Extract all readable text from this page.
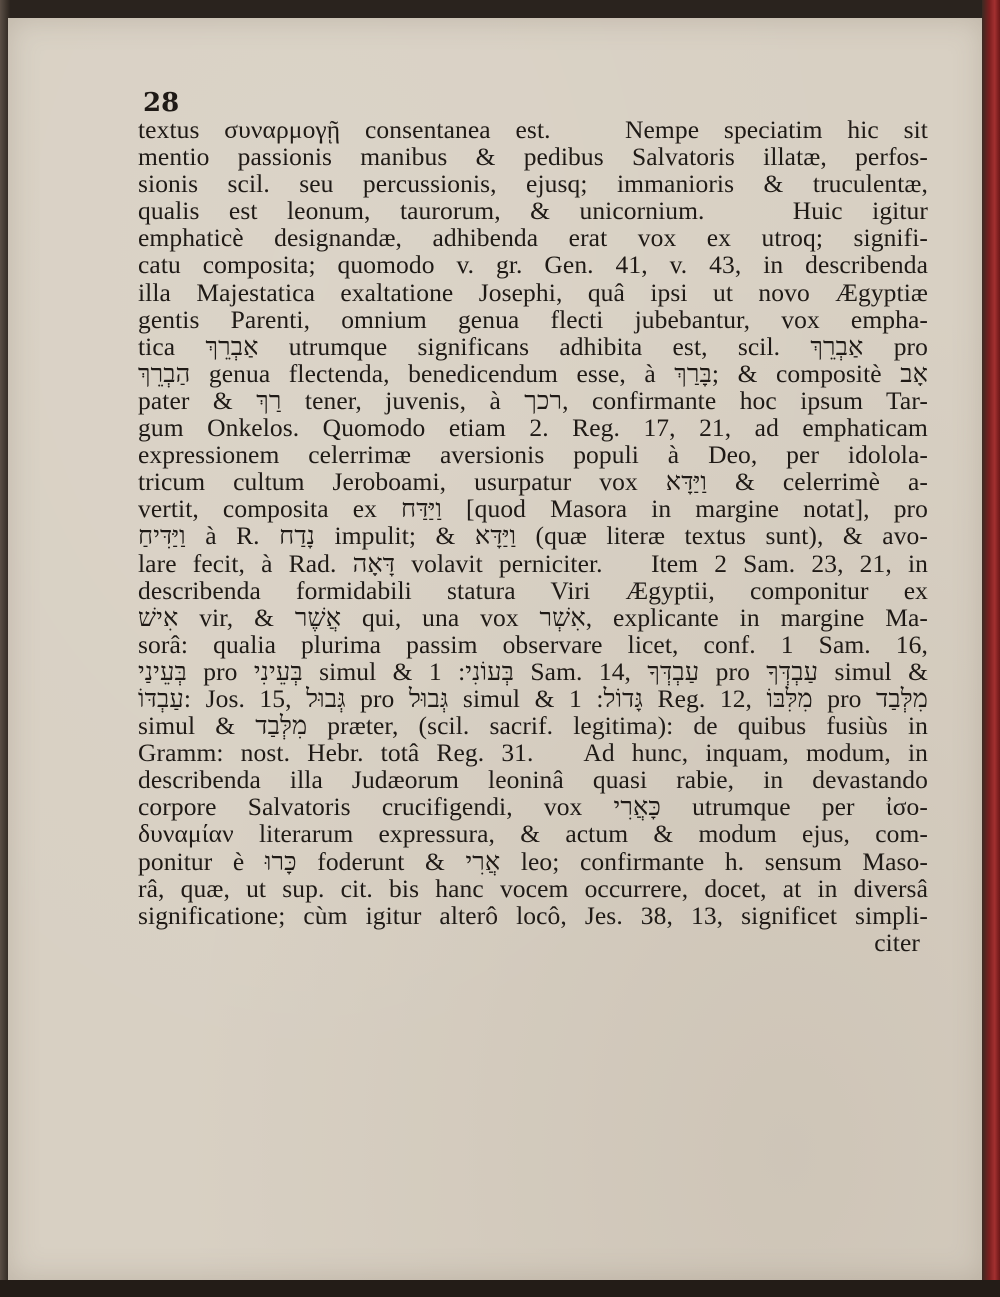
28
textus συναρμογῇ consentanea est.   Nempe speciatim hic sit
mentio passionis manibus & pedibus Salvatoris illatæ, perfos-
sionis scil. seu percussionis, ejusq; immanioris & truculentæ,
qualis est leonum, taurorum, & unicornium.   Huic igitur
emphaticè designandæ, adhibenda erat vox ex utroq; signifi-
catu composita; quomodo v. gr. Gen. 41, v. 43, in describenda
illa Majestatica exaltatione Josephi, quâ ipsi ut novo Ægyptiæ
gentis Parenti, omnium genua flecti jubebantur, vox empha-
tica אַבְרֵךְ utrumque significans adhibita est, scil. אַבְרֵךְ pro
הַבְרֵךְ genua flectenda, benedicendum esse, à בָּרַךְ; & compositè אָב
pater & רַךְ tener, juvenis, à רכך, confirmante hoc ipsum Tar-
gum Onkelos. Quomodo etiam 2. Reg. 17, 21, ad emphaticam
expressionem celerrimæ aversionis populi à Deo, per idolola-
tricum cultum Jeroboami, usurpatur vox וַיַּדָּא & celerrimè a-
vertit, composita ex וַיַּדַּח [quod Masora in margine notat], pro
וַיַּדִּיחַ à R. נָדַח impulit; & וַיַּדָּא (quæ literæ textus sunt), & avo-
lare fecit, à Rad. דָּאָה volavit perniciter.   Item 2 Sam. 23, 21, in
describenda formidabili statura Viri Ægyptii, componitur ex
אִישׁ vir, & אֲשֶׁר qui, una vox אִשְׁר, explicante in margine Ma-
sorâ: qualia plurima passim observare licet, conf. 1 Sam. 16,
בְּעֵינַי pro בְּעֵינִי simul & בְּעוֹנִי: 1 Sam. 14, עַבְדְּךָ pro עַבְדְּךָ simul &
עַבְדּוֹ: Jos. 15, גְּבוּל pro גְּבוּל simul & גָּדוֹל: 1 Reg. 12, מִלִּבּוֹ pro מִלְּבַד
simul & מִלְּבַד præter, (scil. sacrif. legitima): de quibus fusiùs in
Gramm: nost. Hebr. totâ Reg. 31.   Ad hunc, inquam, modum, in
describenda illa Judæorum leoninâ quasi rabie, in devastando
corpore Salvatoris crucifigendi, vox כָּאֲרִי utrumque per ἰσο-
δυναμίαν literarum expressura, & actum & modum ejus, com-
ponitur è כָּרוּ foderunt & אֲרִי leo; confirmante h. sensum Maso-
râ, quæ, ut sup. cit. bis hanc vocem occurrere, docet, at in diversâ
significatione; cùm igitur alterô locô, Jes. 38, 13, significet simpli-
citer
